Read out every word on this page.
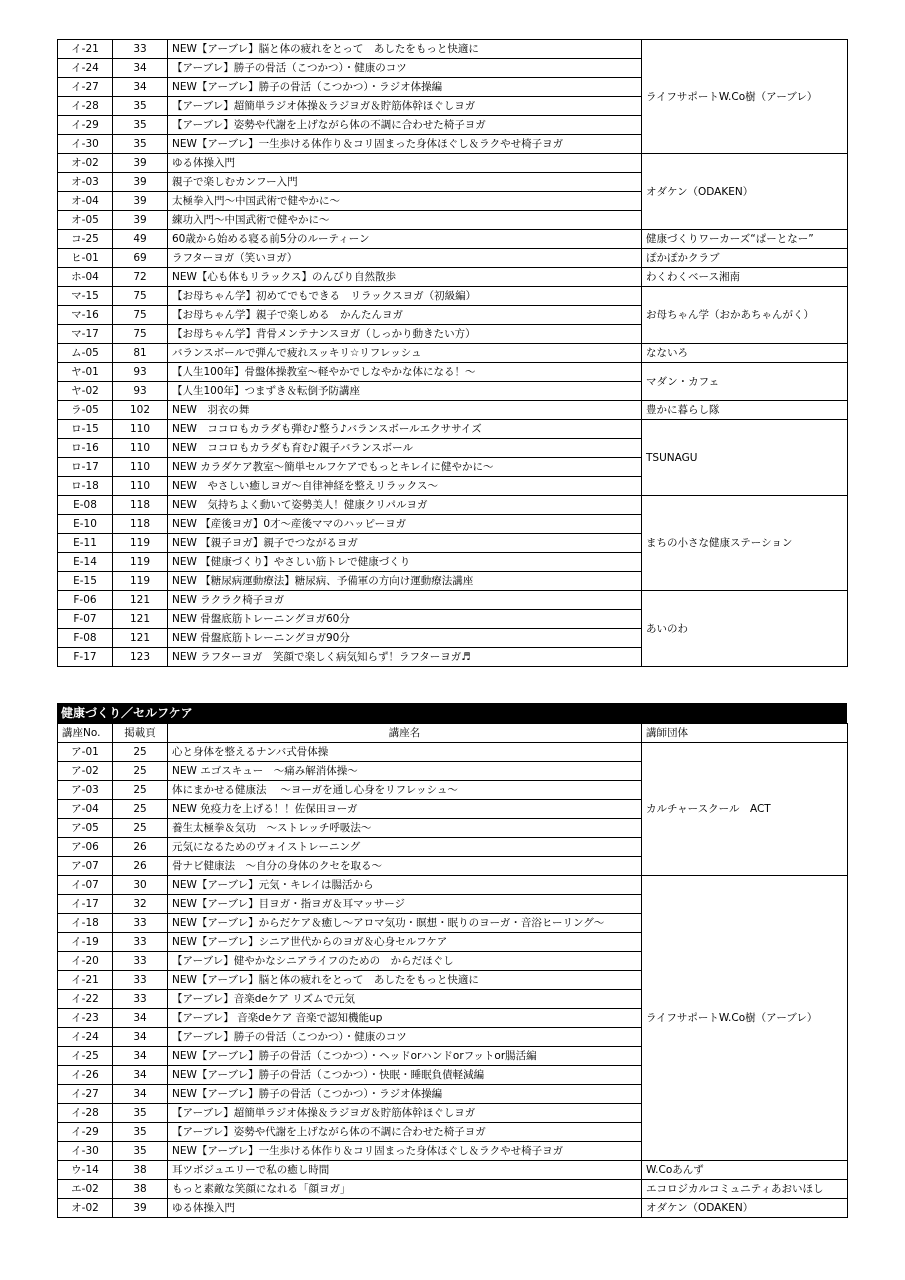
イ-21	33	NEW【アーブレ】脳と体の疲れをとって　あしたをもっと快適に	ライフサポートW.Co樹（アーブレ）
イ-24	34	【アーブレ】勝子の骨活（こつかつ）・健康のコツ	
イ-27	34	NEW【アーブレ】勝子の骨活（こつかつ）・ラジオ体操編	
イ-28	35	【アーブレ】超簡単ラジオ体操＆ラジヨガ＆貯筋体幹ほぐしヨガ	
イ-29	35	【アーブレ】姿勢や代謝を上げながら体の不調に合わせた椅子ヨガ	
イ-30	35	NEW【アーブレ】一生歩ける体作り＆コリ固まった身体ほぐし＆ラクやせ椅子ヨガ	
オ-02	39	ゆる体操入門	オダケン（ODAKEN）
オ-03	39	親子で楽しむカンフー入門	
オ-04	39	太極拳入門～中国武術で健やかに～	
オ-05	39	練功入門～中国武術で健やかに～	
コ-25	49	60歳から始める寝る前5分のルーティーン	健康づくりワーカーズ“ぱーとなー”
ヒ-01	69	ラフターヨガ（笑いヨガ）	ぽかぽかクラブ
ホ-04	72	NEW【心も体もリラックス】のんびり自然散歩	わくわくベース湘南
マ-15	75	【お母ちゃん学】初めてでもできる　リラックスヨガ（初級編）	お母ちゃん学（おかあちゃんがく）
マ-16	75	【お母ちゃん学】親子で楽しめる　かんたんヨガ	
マ-17	75	【お母ちゃん学】背骨メンテナンスヨガ（しっかり動きたい方）	
ム-05	81	バランスボールで弾んで疲れスッキリ☆リフレッシュ	なないろ
ヤ-01	93	【人生100年】骨盤体操教室～軽やかでしなやかな体になる！～	マダン・カフェ
ヤ-02	93	【人生100年】つまずき＆転倒予防講座	
ラ-05	102	NEW　羽衣の舞	豊かに暮らし隊
ロ-15	110	NEW　ココロもカラダも弾む♪整う♪バランスボールエクササイズ	TSUNAGU
ロ-16	110	NEW　ココロもカラダも育む♪親子バランスボール	
ロ-17	110	NEW カラダケア教室～簡単セルフケアでもっとキレイに健やかに～	
ロ-18	110	NEW　やさしい癒しヨガ～自律神経を整えリラックス～	
E-08	118	NEW　気持ちよく動いて姿勢美人！健康クリパルヨガ	まちの小さな健康ステーション
E-10	118	NEW 【産後ヨガ】0才～産後ママのハッピーヨガ	
E-11	119	NEW 【親子ヨガ】親子でつながるヨガ	
E-14	119	NEW 【健康づくり】やさしい筋トレで健康づくり	
E-15	119	NEW 【糖尿病運動療法】糖尿病、予備軍の方向け運動療法講座	
F-06	121	NEW ラクラク椅子ヨガ	あいのわ
F-07	121	NEW 骨盤底筋トレーニングヨガ60分	
F-08	121	NEW 骨盤底筋トレーニングヨガ90分	
F-17	123	NEW ラフターヨガ　笑顔で楽しく病気知らず！ラフターヨガ♬	
健康づくり／セルフケア
講座No.	掲載頁	講座名	講師団体
ア-01	25	心と身体を整えるナンバ式骨体操	カルチャースクール　ACT
ア-02	25	NEW エゴスキュー　～痛み解消体操～	
ア-03	25	体にまかせる健康法　 ～ヨーガを通し心身をリフレッシュ～	
ア-04	25	NEW 免疫力を上げる！！佐保田ヨーガ	
ア-05	25	養生太極拳＆気功　～ストレッチ呼吸法～	
ア-06	26	元気になるためのヴォイストレーニング	
ア-07	26	骨ナビ健康法　～自分の身体のクセを取る～	
イ-07	30	NEW【アーブレ】元気・キレイは腸活から	ライフサポートW.Co樹（アーブレ）
イ-17	32	NEW【アーブレ】目ヨガ・指ヨガ＆耳マッサージ	
イ-18	33	NEW【アーブレ】からだケア＆癒し～アロマ気功・瞑想・眠りのヨーガ・音浴ヒーリング～	
イ-19	33	NEW【アーブレ】シニア世代からのヨガ＆心身セルフケア	
イ-20	33	【アーブレ】健やかなシニアライフのための　からだほぐし	
イ-21	33	NEW【アーブレ】脳と体の疲れをとって　あしたをもっと快適に	
イ-22	33	【アーブレ】音楽deケア リズムで元気	
イ-23	34	【アーブレ】 音楽deケア 音楽で認知機能up	
イ-24	34	【アーブレ】勝子の骨活（こつかつ）・健康のコツ	
イ-25	34	NEW【アーブレ】勝子の骨活（こつかつ）・ヘッドorハンドorフットor腸活編	
イ-26	34	NEW【アーブレ】勝子の骨活（こつかつ）・快眠・睡眠負債軽減編	
イ-27	34	NEW【アーブレ】勝子の骨活（こつかつ）・ラジオ体操編	
イ-28	35	【アーブレ】超簡単ラジオ体操＆ラジヨガ＆貯筋体幹ほぐしヨガ	
イ-29	35	【アーブレ】姿勢や代謝を上げながら体の不調に合わせた椅子ヨガ	
イ-30	35	NEW【アーブレ】一生歩ける体作り＆コリ固まった身体ほぐし＆ラクやせ椅子ヨガ	
ウ-14	38	耳ツボジュエリーで私の癒し時間	W.Coあんず
エ-02	38	もっと素敵な笑顔になれる「顔ヨガ」	エコロジカルコミュニティあおいほし
オ-02	39	ゆる体操入門	オダケン（ODAKEN）
